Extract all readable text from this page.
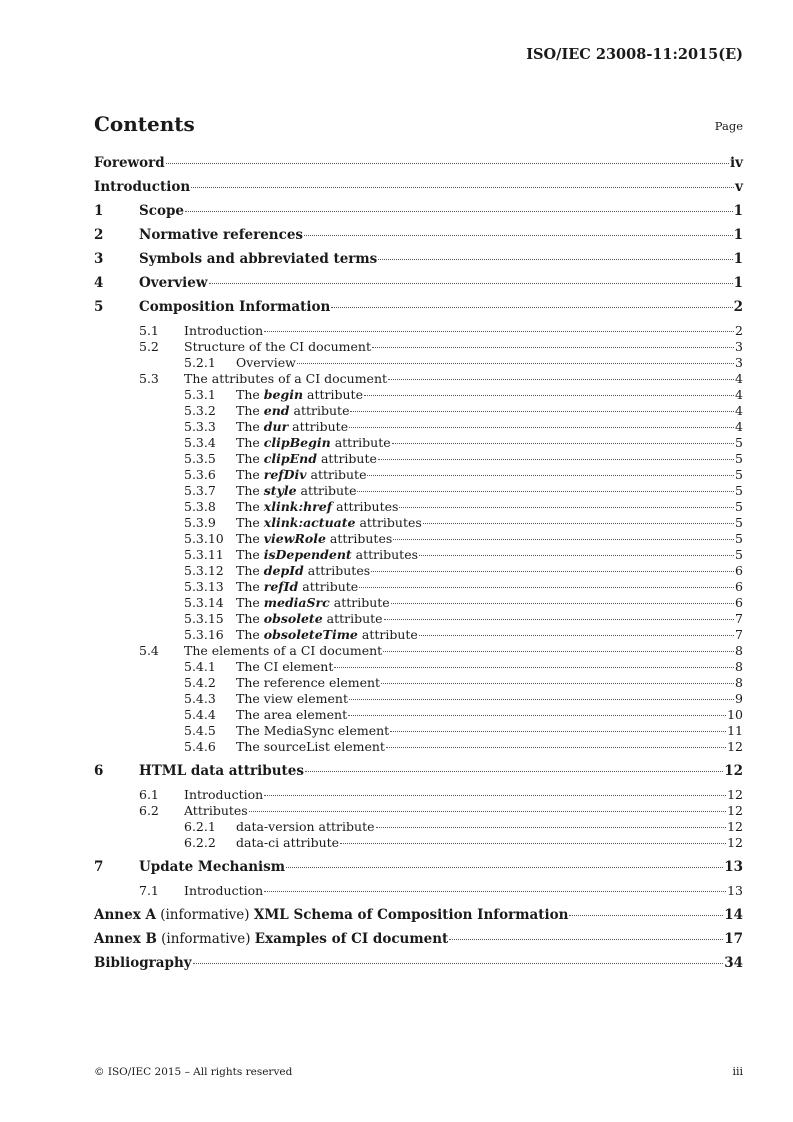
ISO/IEC 23008-11:2015(E)
Contents	Page
Foreword	iv
Introduction	v
1	Scope	1
2	Normative references	1
3	Symbols and abbreviated terms	1
4	Overview	1
5	Composition Information	2
5.1	Introduction	2
5.2	Structure of the CI document	3
5.2.1	Overview	3
5.3	The attributes of a CI document	4
5.3.1	The begin attribute	4
5.3.2	The end attribute	4
5.3.3	The dur attribute	4
5.3.4	The clipBegin attribute	5
5.3.5	The clipEnd attribute	5
5.3.6	The refDiv attribute	5
5.3.7	The style attribute	5
5.3.8	The xlink:href attributes	5
5.3.9	The xlink:actuate attributes	5
5.3.10 The viewRole attributes	5
5.3.11 The isDependent attributes	5
5.3.12 The depId attributes	6
5.3.13 The refId attribute	6
5.3.14 The mediaSrc attribute	6
5.3.15 The obsolete attribute	7
5.3.16 The obsoleteTime attribute	7
5.4	The elements of a CI document	8
5.4.1	The CI element	8
5.4.2	The reference element	8
5.4.3	The view element	9
5.4.4	The area element	10
5.4.5	The MediaSync element	11
5.4.6	The sourceList element	12
6	HTML data attributes	12
6.1	Introduction	12
6.2	Attributes	12
6.2.1	data-version attribute	12
6.2.2	data-ci attribute	12
7	Update Mechanism	13
7.1	Introduction	13
Annex A (informative) XML Schema of Composition Information	14
Annex B (informative) Examples of CI document	17
Bibliography	34
© ISO/IEC 2015 – All rights reserved	iii
